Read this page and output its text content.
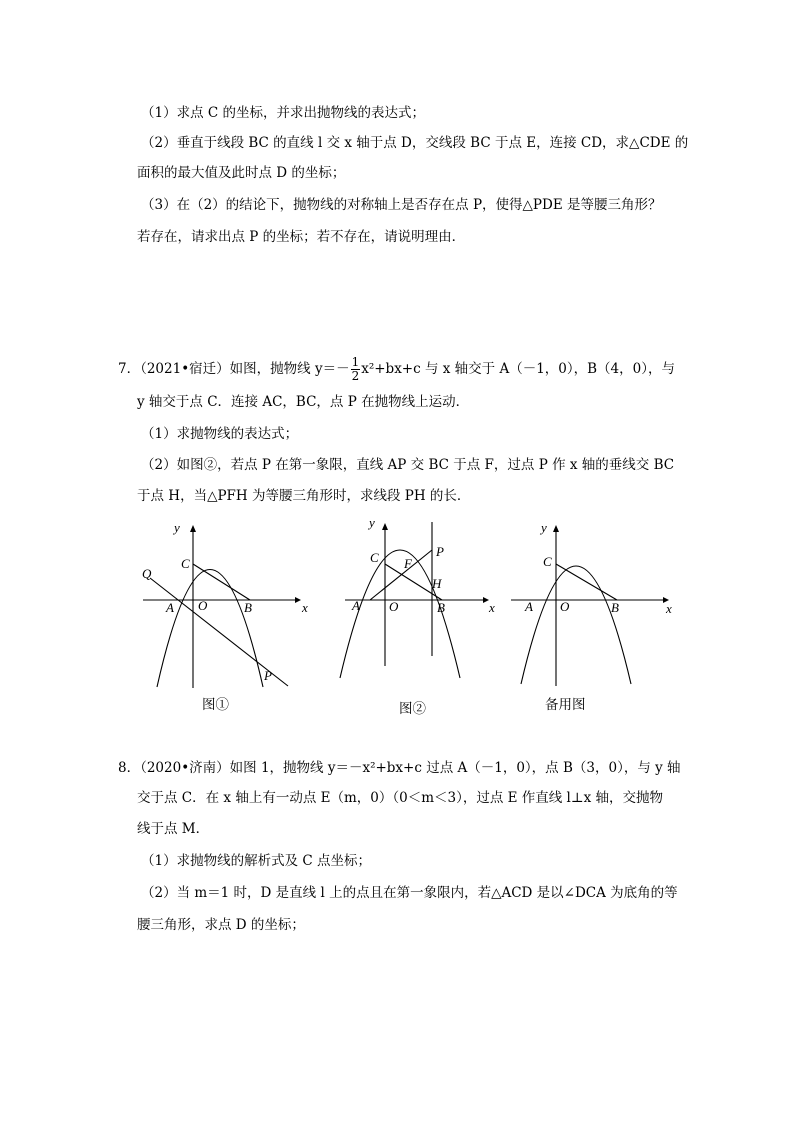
（1）求点 C 的坐标，并求出抛物线的表达式；
（2）垂直于线段 BC 的直线 l 交 x 轴于点 D，交线段 BC 于点 E，连接 CD，求△CDE 的
面积的最大值及此时点 D 的坐标；
（3）在（2）的结论下，抛物线的对称轴上是否存在点 P，使得△PDE 是等腰三角形？
若存在，请求出点 P 的坐标；若不存在，请说明理由．
7．（2021•宿迁）如图，抛物线 $y=- \frac{1}{2} x^2+bx+c$ 与 x 轴交于 A（－1，0），B（4，0），与
y 轴交于点 C．连接 AC，BC，点 P 在抛物线上运动．
（1）求抛物线的表达式；
（2）如图②，若点 P 在第一象限，直线 AP 交 BC 于点 F，过点 P 作 x 轴的垂线交 BC
于点 H，当△PFH 为等腰三角形时，求线段 PH 的长．
y
x
C
Q
A O	B
P
y
x
C	P
F
H
A O	B
y
x
C
A O	B
图①	图②	备用图
8．（2020•济南）如图 1，抛物线 y＝－x²+bx+c 过点 A（－1，0），点 B（3，0），与 y 轴
交于点 C．在 x 轴上有一动点 E（m，0）（0＜m＜3），过点 E 作直线 l⊥x 轴，交抛物
线于点 M．
（1）求抛物线的解析式及 C 点坐标；
（2）当 m＝1 时，D 是直线 l 上的点且在第一象限内，若△ACD 是以∠DCA 为底角的等
腰三角形，求点 D 的坐标；
